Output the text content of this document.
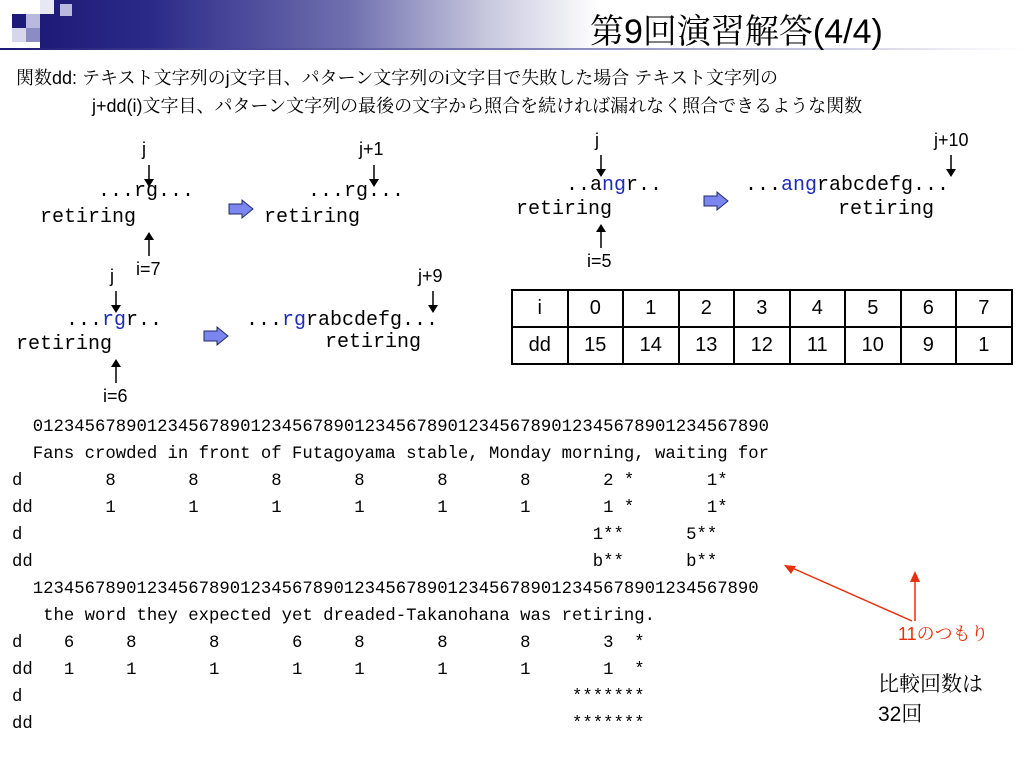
第9回演習解答(4/4)
関数dd: テキスト文字列のj文字目、パターン文字列のi文字目で失敗した場合 テキスト文字列の
j+dd(i)文字目、パターン文字列の最後の文字から照合を続ければ漏れなく照合できるような関数
j
...rg...
retiring
i=7
j+1
...rg...
retiring
j
..angr..
retiring
i=5
j+10
...angrabcdefg...
retiring
j
...rgr..
retiring
i=6
j+9
...rgrabcdefg...
retiring
i	0	1	2	3	4	5	6	7
dd	15	14	13	12	11	10	9	1
01234567890123456789012345678901234567890123456789012345678901234567890
Fans crowded in front of Futagoyama stable, Monday morning, waiting for
d        8       8       8       8       8       8       2 *       1*
dd       1       1       1       1       1       1       1 *       1*
d                                                       1**      5**
dd                                                      b**      b**
1234567890123456789012345678901234567890123456789012345678901234567890
the word they expected yet dreaded-Takanohana was retiring.
d    6     8       8       6     8       8       8       3  *
dd   1     1       1       1     1       1       1       1  *
d                                                     *******
dd                                                    *******
11のつもり
比較回数は
32回
